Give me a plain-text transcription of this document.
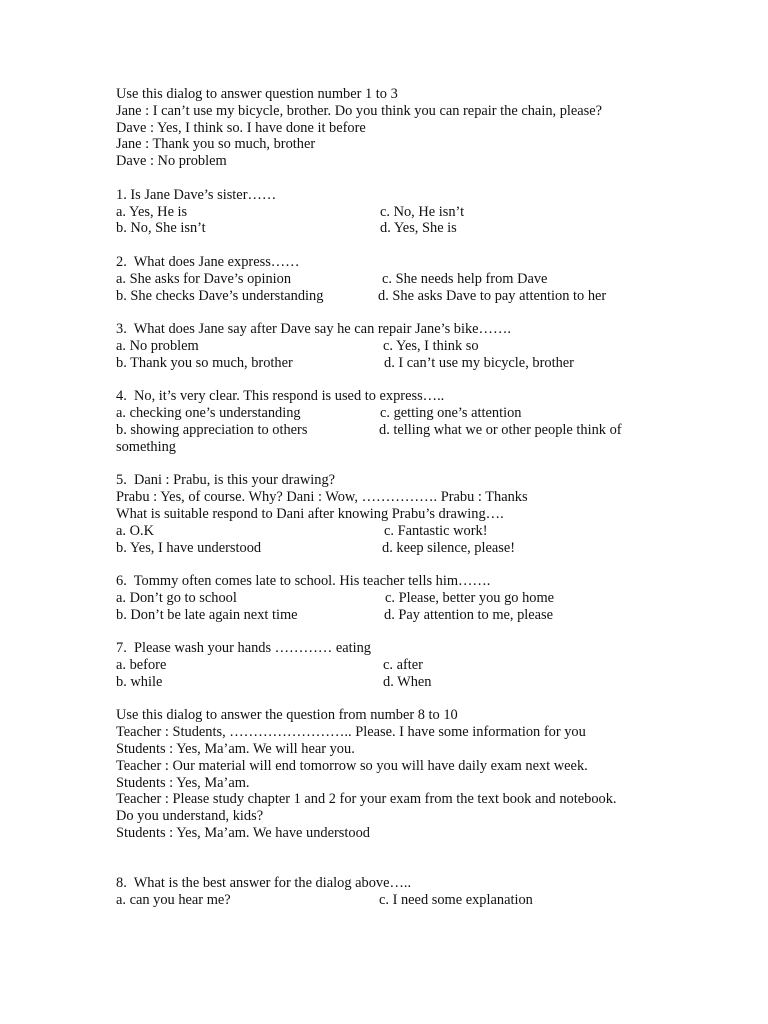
Use this dialog to answer question number 1 to 3
Jane : I can’t use my bicycle, brother. Do you think you can repair the chain, please?
Dave : Yes, I think so. I have done it before
Jane : Thank you so much, brother
Dave : No problem
1. Is Jane Dave’s sister……
a. Yes, He is	c. No, He isn’t
b. No, She isn’t	d. Yes, She is
2.  What does Jane express……
a. She asks for Dave’s opinion	c. She needs help from Dave
b. She checks Dave’s understanding	d. She asks Dave to pay attention to her
3.  What does Jane say after Dave say he can repair Jane’s bike…….
a. No problem	c. Yes, I think so
b. Thank you so much, brother	d. I can’t use my bicycle, brother
4.  No, it’s very clear. This respond is used to express…..
a. checking one’s understanding	c. getting one’s attention
b. showing appreciation to others	d. telling what we or other people think of
something
5.  Dani : Prabu, is this your drawing?
Prabu : Yes, of course. Why? Dani : Wow, ……………. Prabu : Thanks
What is suitable respond to Dani after knowing Prabu’s drawing….
a. O.K	c. Fantastic work!
b. Yes, I have understood	d. keep silence, please!
6.  Tommy often comes late to school. His teacher tells him…….
a. Don’t go to school	c. Please, better you go home
b. Don’t be late again next time	d. Pay attention to me, please
7.  Please wash your hands ………… eating
a. before	c. after
b. while	d. When
Use this dialog to answer the question from number 8 to 10
Teacher : Students, …………………….. Please. I have some information for you
Students : Yes, Ma’am. We will hear you.
Teacher : Our material will end tomorrow so you will have daily exam next week.
Students : Yes, Ma’am.
Teacher : Please study chapter 1 and 2 for your exam from the text book and notebook.
Do you understand, kids?
Students : Yes, Ma’am. We have understood
8.  What is the best answer for the dialog above…..
a. can you hear me?	c. I need some explanation
